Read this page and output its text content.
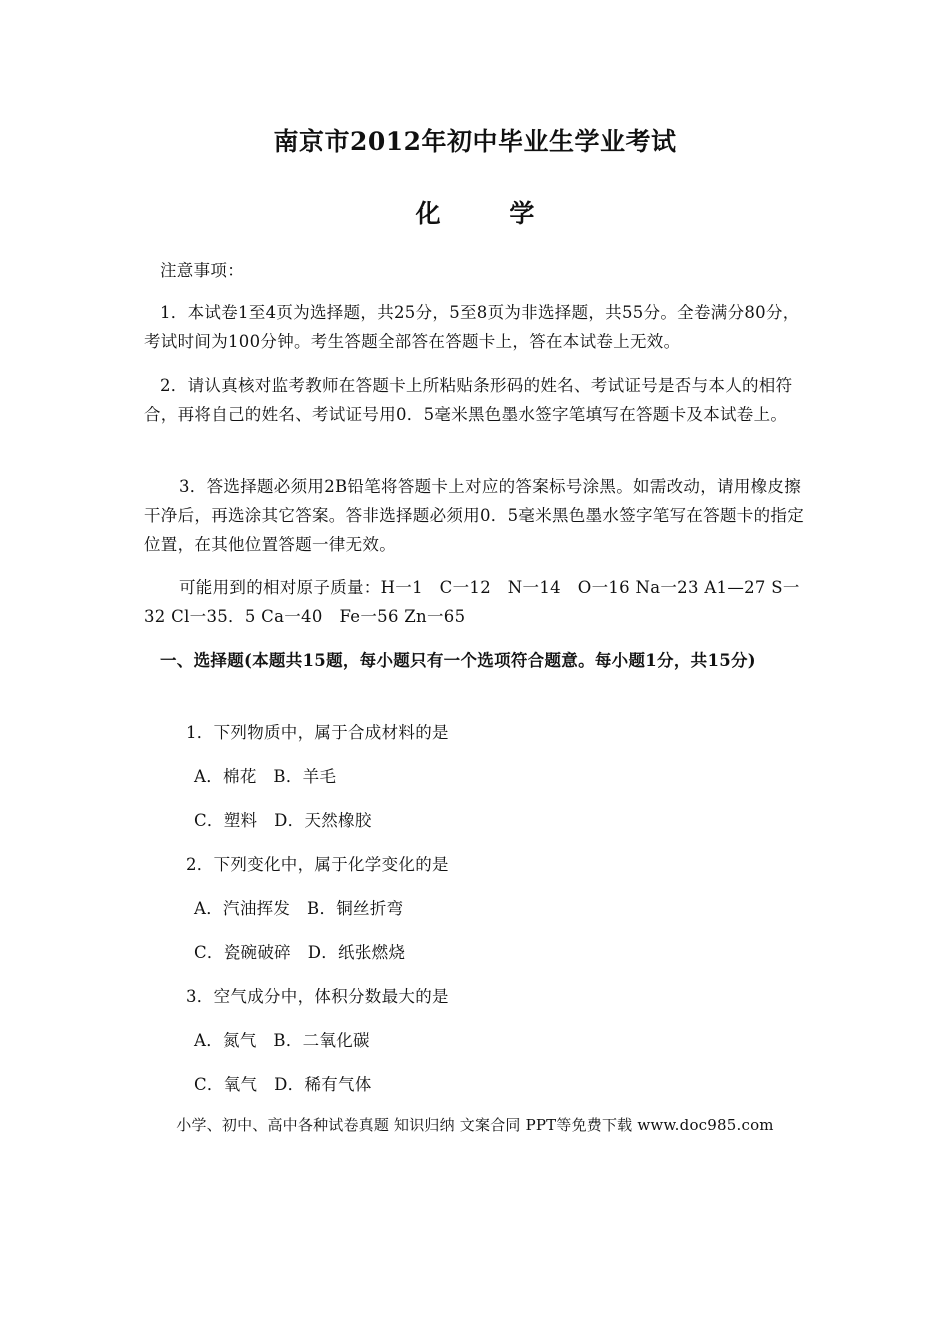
南京市2012年初中毕业生学业考试
化 学

注意事项：

1．本试卷1至4页为选择题，共25分，5至8页为非选择题，共55分。全卷满分80分，考试时间为100分钟。考生答题全部答在答题卡上，答在本试卷上无效。

2．请认真核对监考教师在答题卡上所粘贴条形码的姓名、考试证号是否与本人的相符合，再将自己的姓名、考试证号用0．5毫米黑色墨水签字笔填写在答题卡及本试卷上。

3．答选择题必须用2B铅笔将答题卡上对应的答案标号涂黑。如需改动，请用橡皮擦干净后，再选涂其它答案。答非选择题必须用0．5毫米黑色墨水签字笔写在答题卡的指定位置，在其他位置答题一律无效。

可能用到的相对原子质量：H一1　C一12　N一14　O一16 Na一23 A1—27 S一32 Cl一35．5 Ca一40　Fe一56 Zn一65

一、选择题(本题共15题，每小题只有一个选项符合题意。每小题1分，共15分)

1．下列物质中，属于合成材料的是
A．棉花　B．羊毛
C．塑料　D．天然橡胶
2．下列变化中，属于化学变化的是
A．汽油挥发　B．铜丝折弯
C．瓷碗破碎　D．纸张燃烧
3．空气成分中，体积分数最大的是
A．氮气　B．二氧化碳
C．氧气　D．稀有气体
小学、初中、高中各种试卷真题 知识归纳 文案合同 PPT等免费下载 www.doc985.com
